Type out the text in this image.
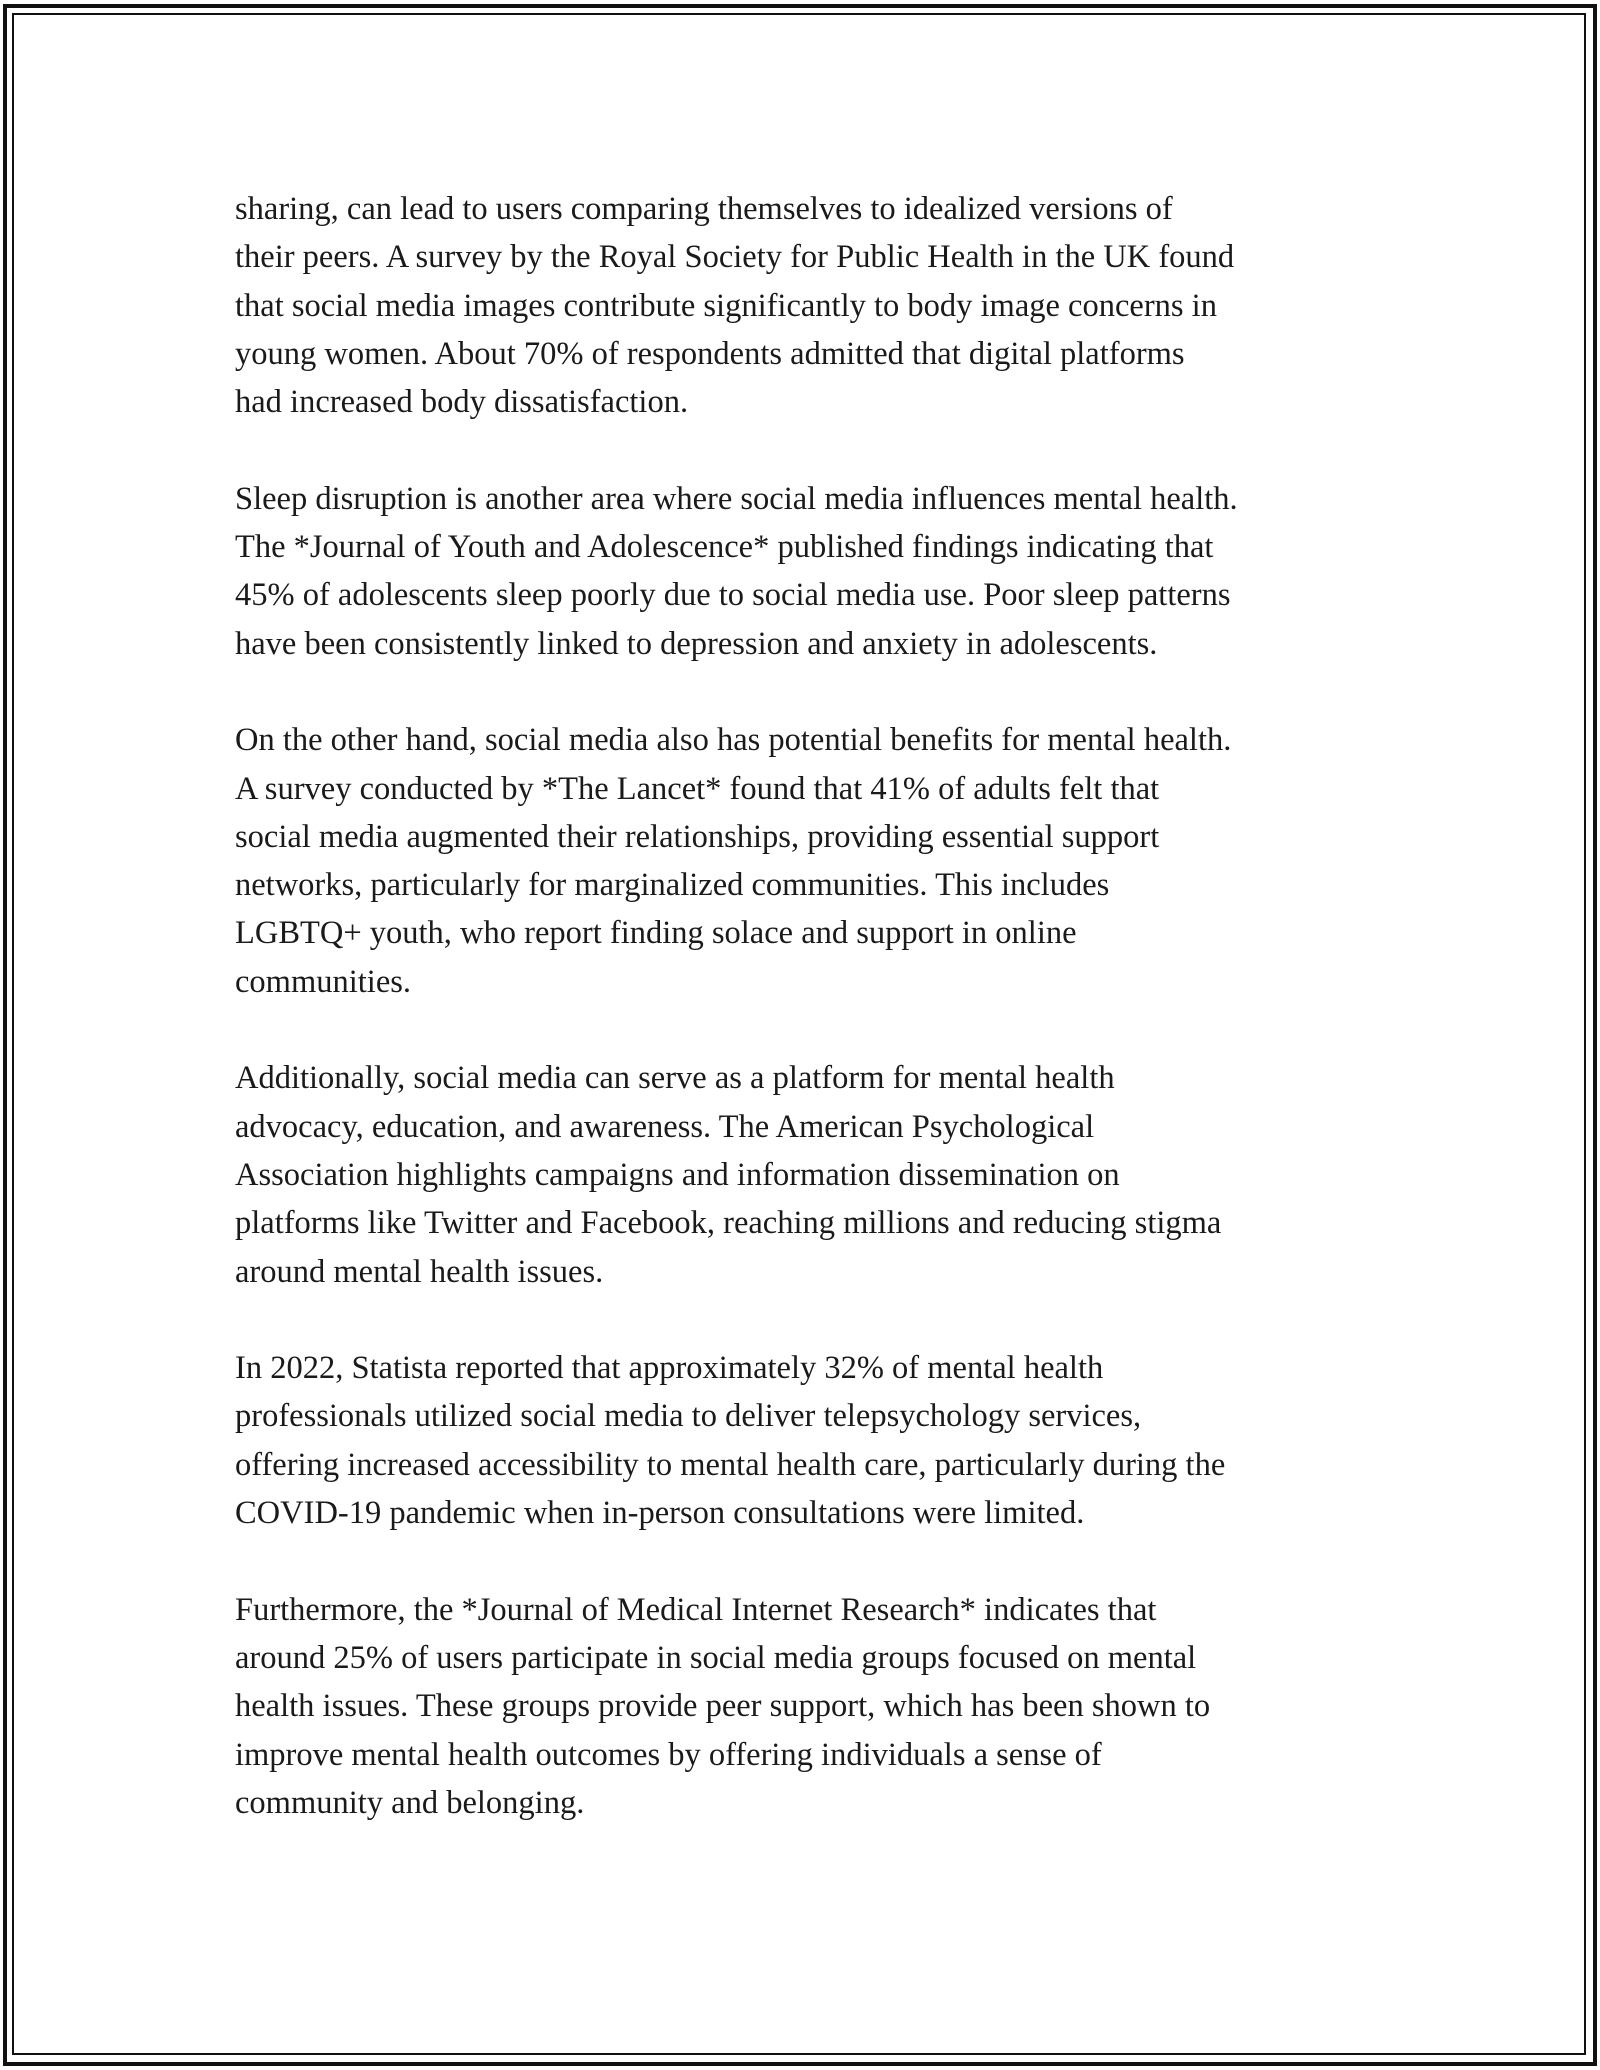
sharing, can lead to users comparing themselves to idealized versions of
their peers. A survey by the Royal Society for Public Health in the UK found
that social media images contribute significantly to body image concerns in
young women. About 70% of respondents admitted that digital platforms
had increased body dissatisfaction.

Sleep disruption is another area where social media influences mental health.
The *Journal of Youth and Adolescence* published findings indicating that
45% of adolescents sleep poorly due to social media use. Poor sleep patterns
have been consistently linked to depression and anxiety in adolescents.

On the other hand, social media also has potential benefits for mental health.
A survey conducted by *The Lancet* found that 41% of adults felt that
social media augmented their relationships, providing essential support
networks, particularly for marginalized communities. This includes
LGBTQ+ youth, who report finding solace and support in online
communities.

Additionally, social media can serve as a platform for mental health
advocacy, education, and awareness. The American Psychological
Association highlights campaigns and information dissemination on
platforms like Twitter and Facebook, reaching millions and reducing stigma
around mental health issues.

In 2022, Statista reported that approximately 32% of mental health
professionals utilized social media to deliver telepsychology services,
offering increased accessibility to mental health care, particularly during the
COVID-19 pandemic when in-person consultations were limited.

Furthermore, the *Journal of Medical Internet Research* indicates that
around 25% of users participate in social media groups focused on mental
health issues. These groups provide peer support, which has been shown to
improve mental health outcomes by offering individuals a sense of
community and belonging.
